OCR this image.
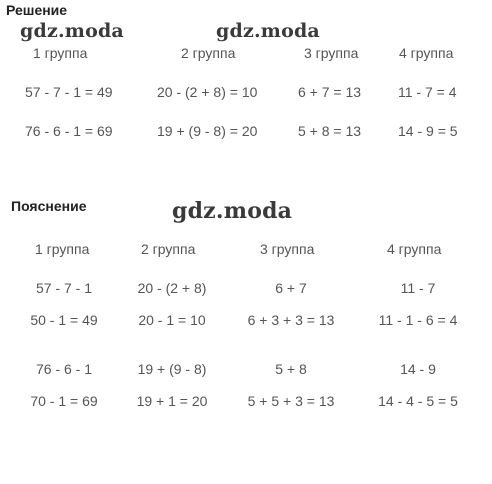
Решение
gdz.moda	gdz.moda
1 группа	2 группа	3 группа	4 группа
57 - 7 - 1 = 49	20 - (2 + 8) = 10	6 + 7 = 13	11 - 7 = 4
76 - 6 - 1 = 69	19 + (9 - 8) = 20	5 + 8 = 13	14 - 9 = 5
Пояснение	gdz.moda
1 группа	2 группа	3 группа	4 группа
57 - 7 - 1	20 - (2 + 8)	6 + 7	11 - 7
50 - 1 = 49	20 - 1 = 10	6 + 3 + 3 = 13	11 - 1 - 6 = 4
76 - 6 - 1	19 + (9 - 8)	5 + 8	14 - 9
70 - 1 = 69	19 + 1 = 20	5 + 5 + 3 = 13	14 - 4 - 5 = 5
